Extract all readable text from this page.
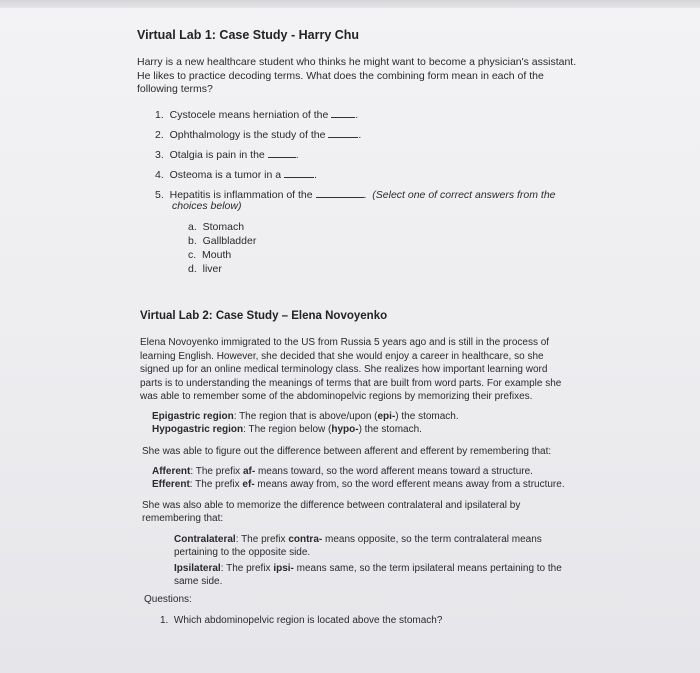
Virtual Lab 1: Case Study - Harry Chu
Harry is a new healthcare student who thinks he might want to become a physician's assistant.
He likes to practice decoding terms. What does the combining form mean in each of the
following terms?
1. Cystocele means herniation of the	.
2. Ophthalmology is the study of the	.
3. Otalgia is pain in the	.
4. Osteoma is a tumor in a	.
5. Hepatitis is inflammation of the	.  (Select one of correct answers from the
choices below)
a. Stomach
b. Gallbladder
c. Mouth
d. liver
Virtual Lab 2: Case Study – Elena Novoyenko
Elena Novoyenko immigrated to the US from Russia 5 years ago and is still in the process of
learning English. However, she decided that she would enjoy a career in healthcare, so she
signed up for an online medical terminology class. She realizes how important learning word
parts is to understanding the meanings of terms that are built from word parts. For example she
was able to remember some of the abdominopelvic regions by memorizing their prefixes.
Epigastric region: The region that is above/upon (epi-) the stomach.
Hypogastric region: The region below (hypo-) the stomach.
She was able to figure out the difference between afferent and efferent by remembering that:
Afferent: The prefix af- means toward, so the word afferent means toward a structure.
Efferent: The prefix ef- means away from, so the word efferent means away from a structure.
She was also able to memorize the difference between contralateral and ipsilateral by
remembering that:
Contralateral: The prefix contra- means opposite, so the term contralateral means
pertaining to the opposite side.
Ipsilateral: The prefix ipsi- means same, so the term ipsilateral means pertaining to the
same side.
Questions:
1. Which abdominopelvic region is located above the stomach?
